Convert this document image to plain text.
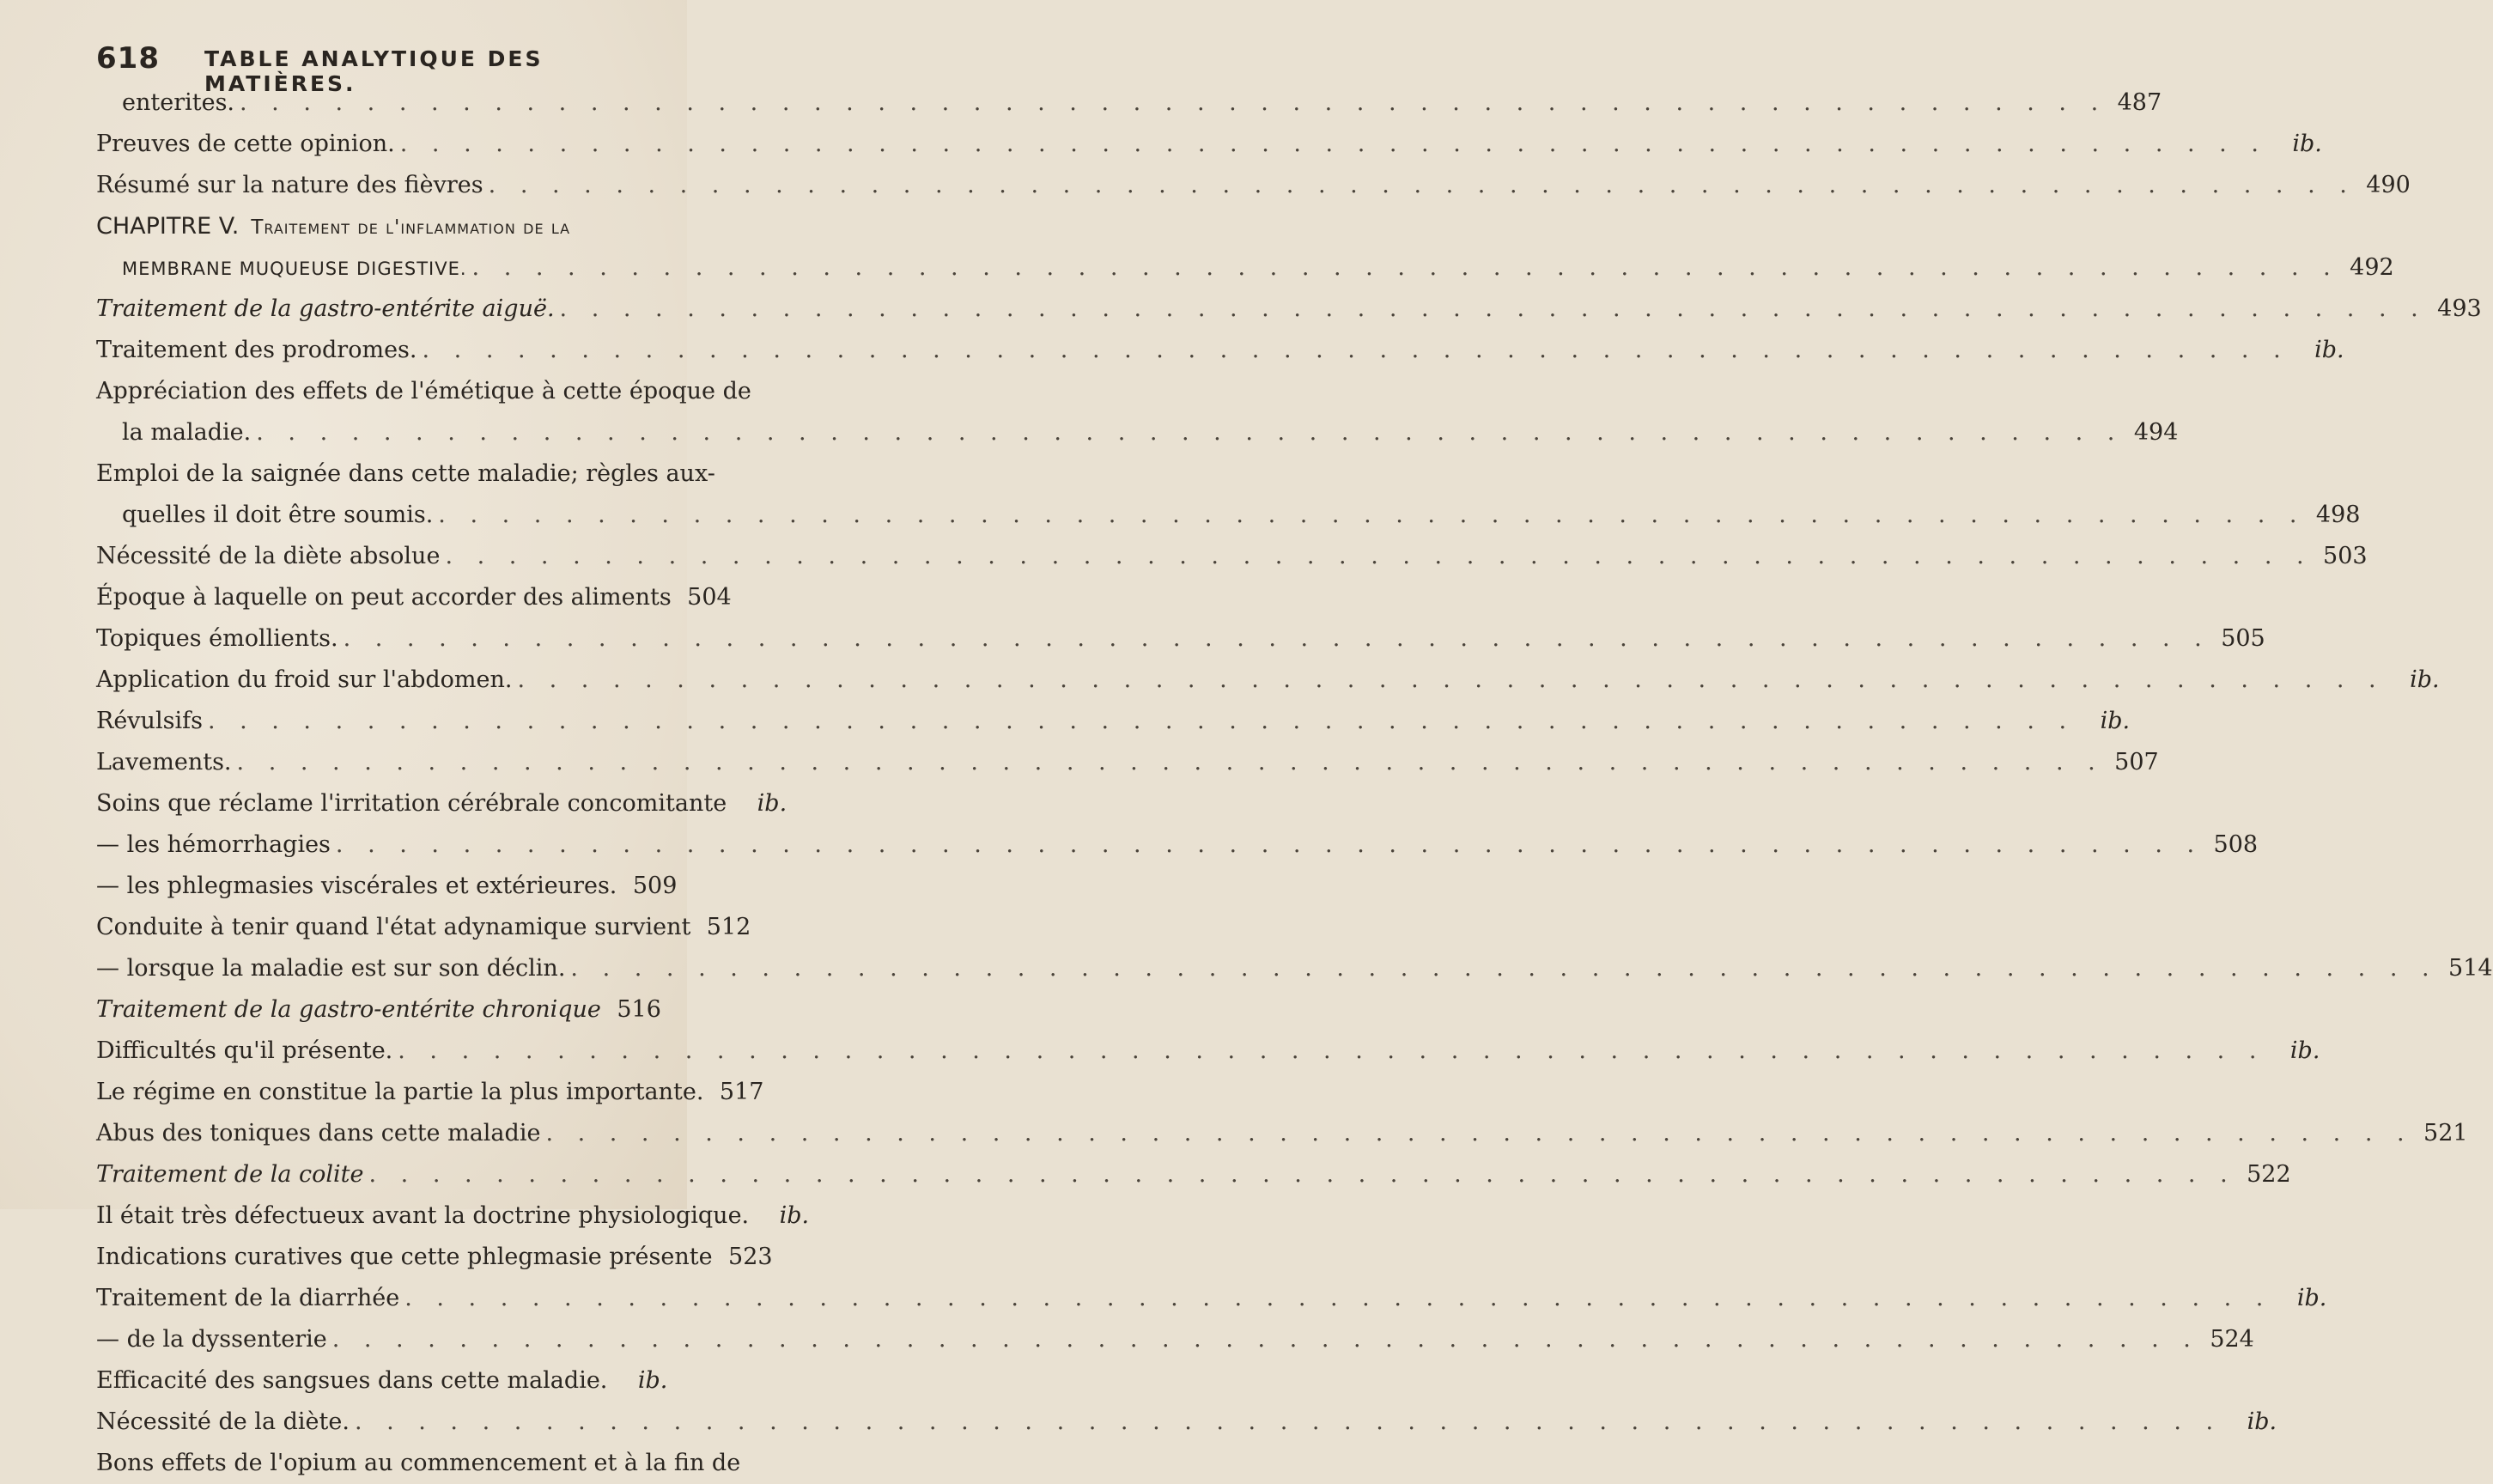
618 TABLE ANALYTIQUE DES MATIÈRES.
enterites. . . .	487
Preuves de cette opinion. . . .	ib.
Résumé sur la nature des fièvres . . .	490
CHAPITRE V. Traitement de l'inflammation de la
MEMBRANE MUQUEUSE DIGESTIVE. . . .	492
Traitement de la gastro-entérite aiguë. . . .	493
Traitement des prodromes. . . .	ib.
Appréciation des effets de l'émétique à cette époque de
la maladie. . . .	494
Emploi de la saignée dans cette maladie; règles aux-
quelles il doit être soumis. . . .	498
Nécessité de la diète absolue . . .	503
Époque à laquelle on peut accorder des aliments 504
Topiques émollients. . . .	505
Application du froid sur l'abdomen. . . .	ib.
Révulsifs . . .	ib.
Lavements. . . .	507
Soins que réclame l'irritation cérébrale concomitante	ib.
— les hémorrhagies . . .	508
— les phlegmasies viscérales et extérieures. 509
Conduite à tenir quand l'état adynamique survient 512
— lorsque la maladie est sur son déclin. . . .	514
Traitement de la gastro-entérite chronique 516
Difficultés qu'il présente. . . .	ib.
Le régime en constitue la partie la plus importante. 517
Abus des toniques dans cette maladie . . .	521
Traitement de la colite . . .	522
Il était très défectueux avant la doctrine physiologique.	ib.
Indications curatives que cette phlegmasie présente 523
Traitement de la diarrhée . . .	ib.
— de la dyssenterie . . .	524
Efficacité des sangsues dans cette maladie.	ib.
Nécessité de la diète. . . .	ib.
Bons effets de l'opium au commencement et à la fin de
